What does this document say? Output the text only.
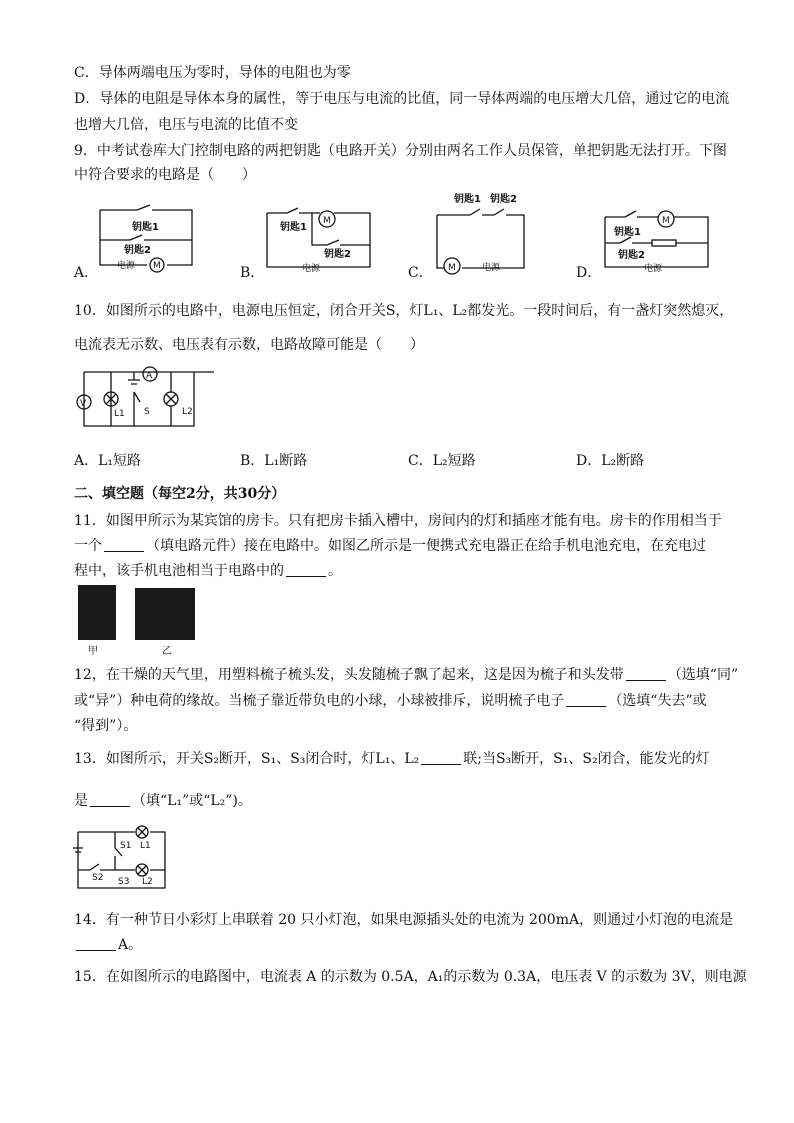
C．导体两端电压为零时，导体的电阻也为零
D．导体的电阻是导体本身的属性，等于电压与电流的比值，同一导体两端的电压增大几倍，通过它的电流
也增大几倍，电压与电流的比值不变
9．中考试卷库大门控制电路的两把钥匙（电路开关）分别由两名工作人员保管，单把钥匙无法打开。下图
中符合要求的电路是（　　）
A．	B．	C．	D．
M
钥匙1
钥匙2
电源
M
钥匙1
钥匙2
电源	M
钥匙1 钥匙2
电源
M
钥匙1
钥匙2
电源
10．如图所示的电路中，电源电压恒定，闭合开关S，灯L₁、L₂都发光。一段时间后，有一盏灯突然熄灭，
电流表无示数、电压表有示数，电路故障可能是（　　）
V
L1 S
A
L2
A．L₁短路	B．L₁断路	C．L₂短路	D．L₂断路
二、填空题（每空2分，共30分）
11．如图甲所示为某宾馆的房卡。只有把房卡插入槽中，房间内的灯和插座才能有电。房卡的作用相当于
一个	（填电路元件）接在电路中。如图乙所示是一便携式充电器正在给手机电池充电，在充电过
程中，该手机电池相当于电路中的	。
甲	乙
12，在干燥的天气里，用塑料梳子梳头发，头发随梳子飘了起来，这是因为梳子和头发带	（选填“同”
或“异”）种电荷的缘故。当梳子靠近带负电的小球，小球被排斥，说明梳子电子	（选填“失去”或
“得到”）。
13．如图所示，开关S₂断开，S₁、S₃闭合时，灯L₁、L₂	联;当S₃断开，S₁、S₂闭合，能发光的灯
是	（填“L₁”或“L₂”)。
L1
S1
S2	L2
S3
14．有一种节日小彩灯上串联着 20 只小灯泡，如果电源插头处的电流为 200mA，则通过小灯泡的电流是
A。
15．在如图所示的电路图中，电流表 A 的示数为 0.5A，A₁的示数为 0.3A，电压表 V 的示数为 3V，则电源
